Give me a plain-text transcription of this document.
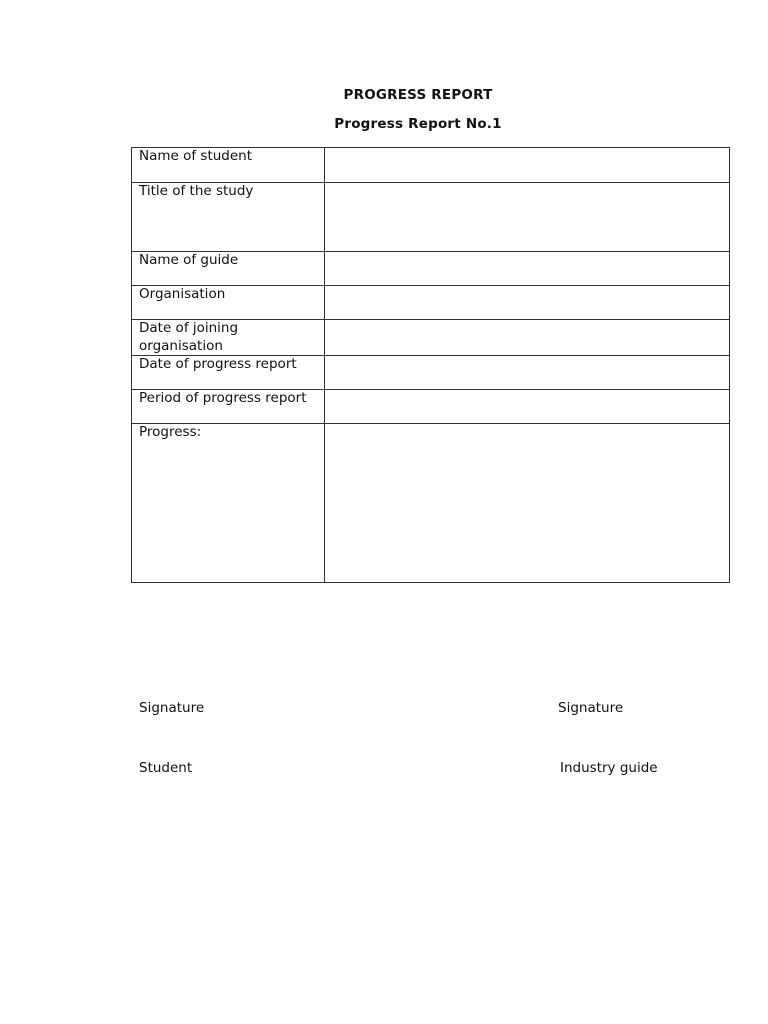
PROGRESS REPORT
Progress Report No.1
Name of student	

Title of the study	

Name of guide	

Organisation	

Date of joining organisation	

Date of progress report	

Period of progress report	

Progress:	

Signature	Signature
Student	Industry guide
